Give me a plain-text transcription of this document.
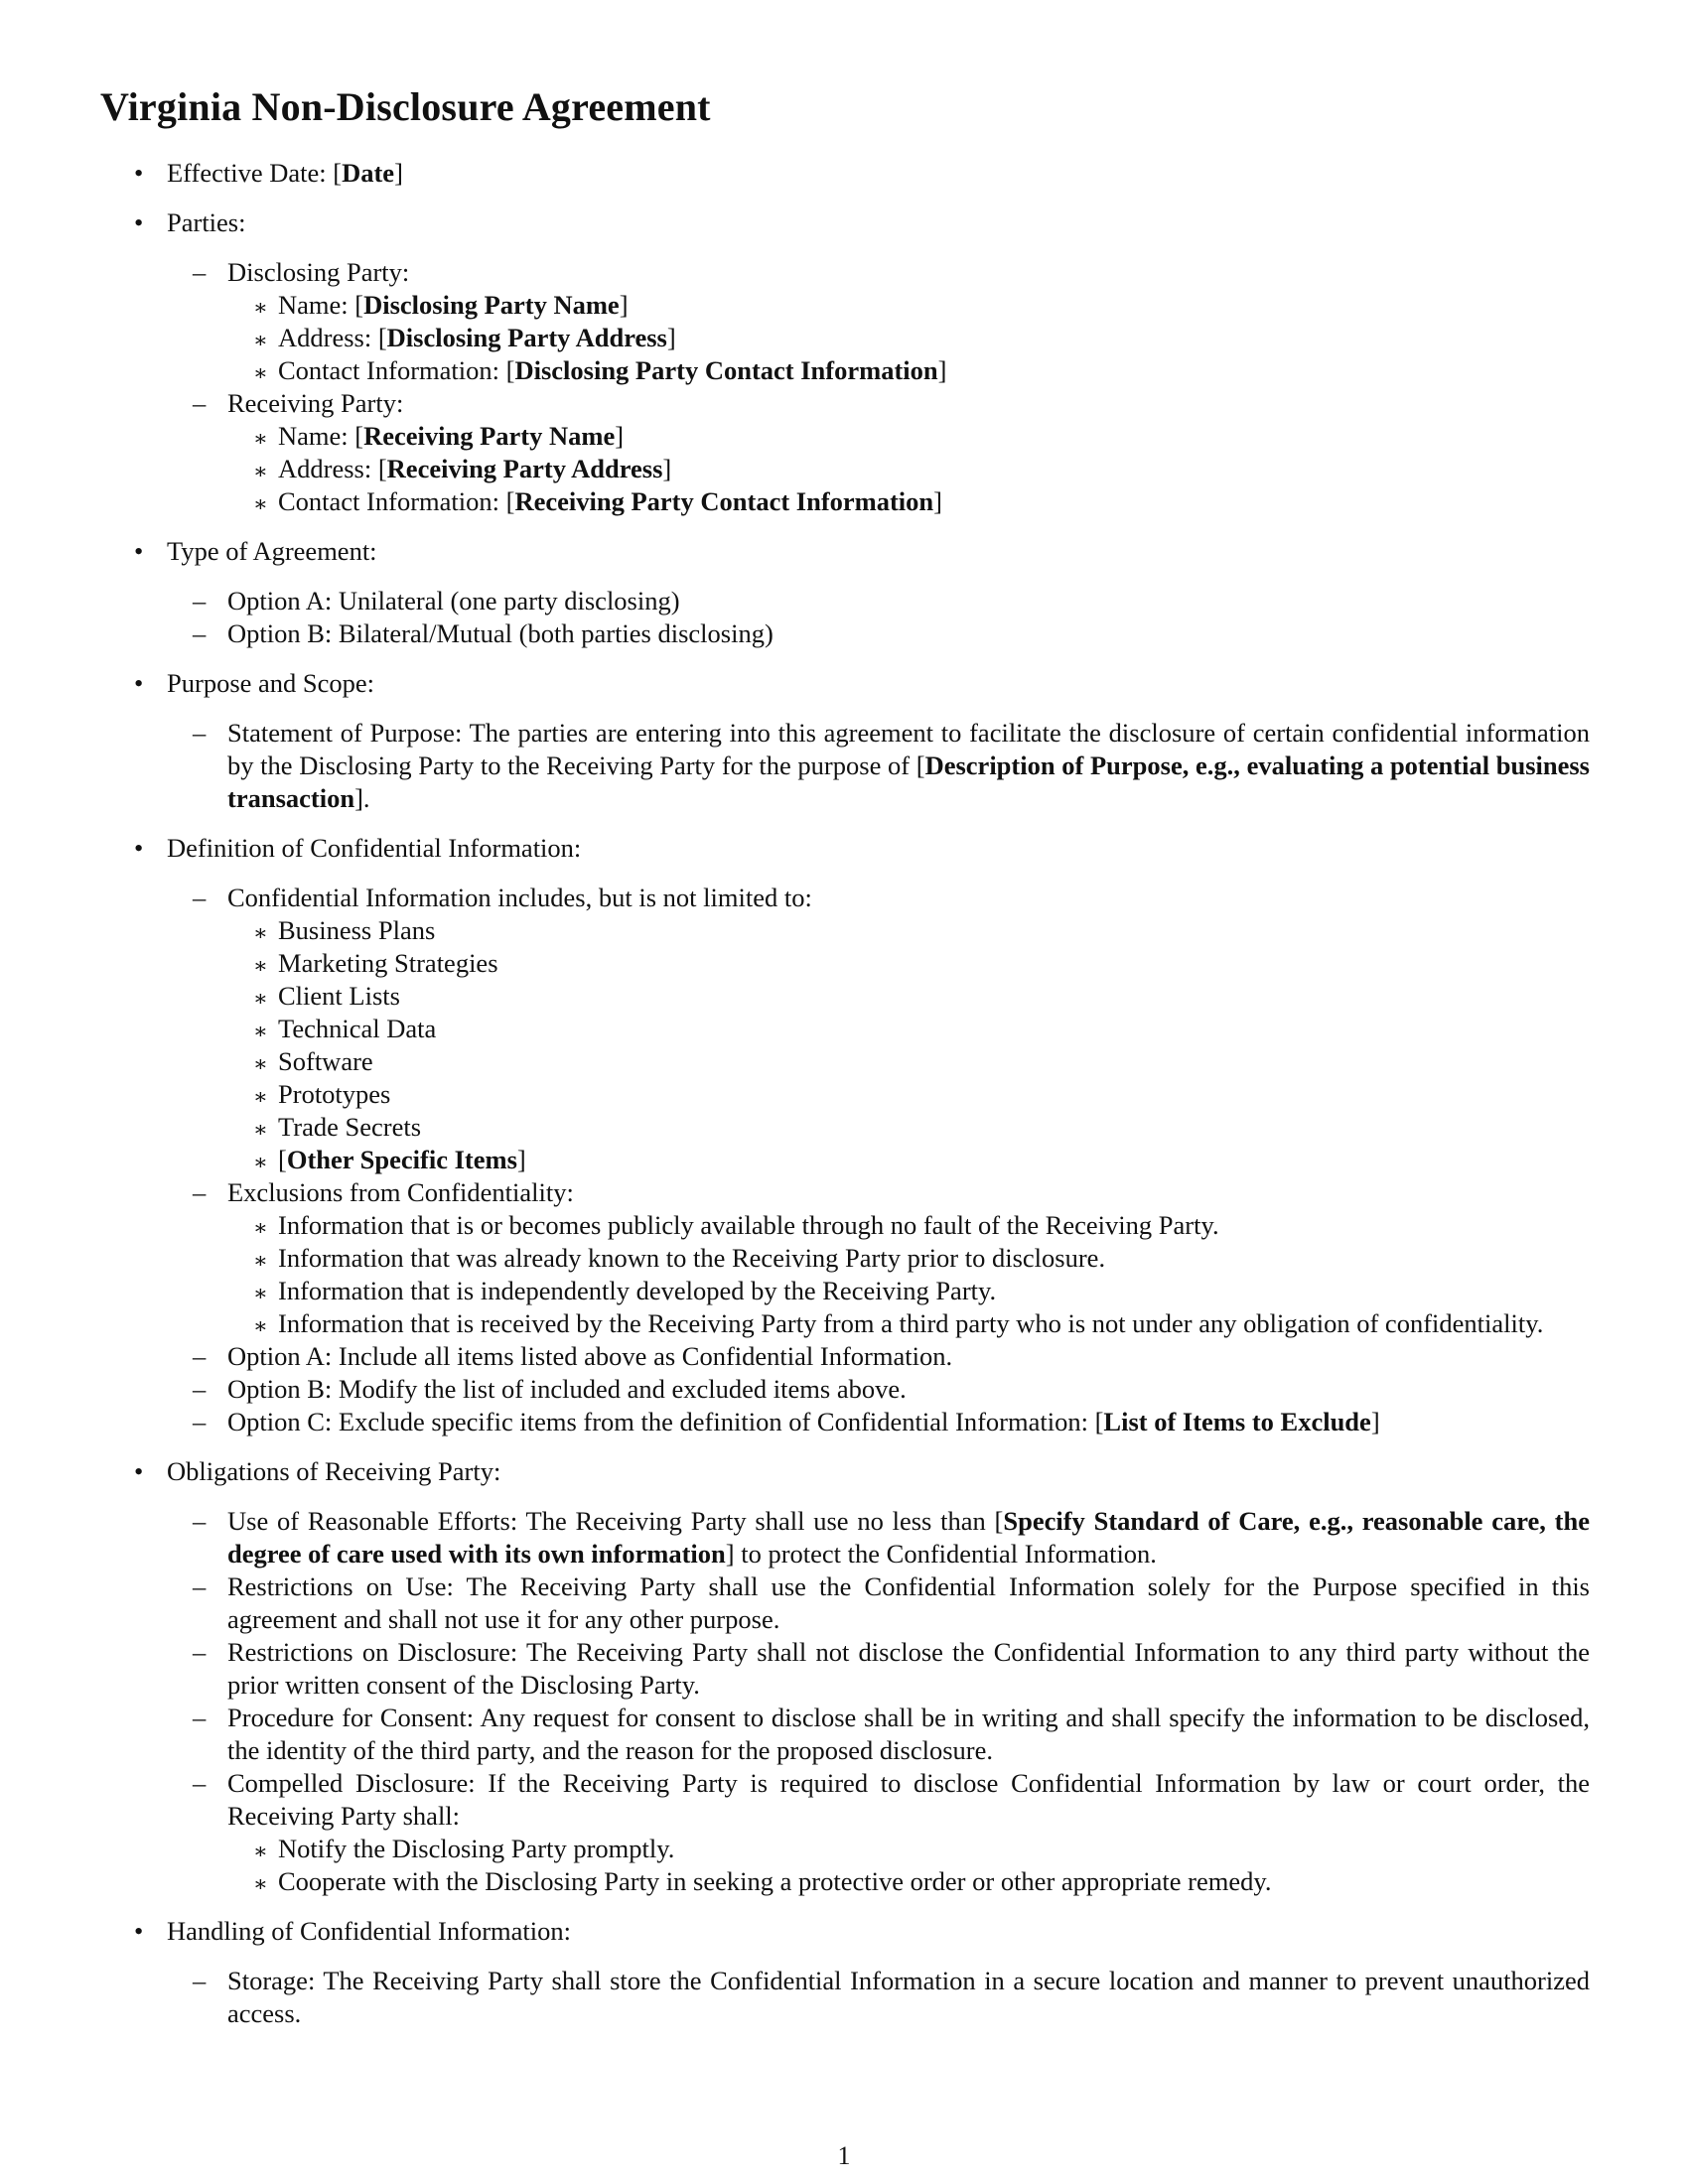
Virginia Non-Disclosure Agreement
• Effective Date: [Date]
• Parties:
– Disclosing Party:
∗ Name: [Disclosing Party Name]
∗ Address: [Disclosing Party Address]
∗ Contact Information: [Disclosing Party Contact Information]
– Receiving Party:
∗ Name: [Receiving Party Name]
∗ Address: [Receiving Party Address]
∗ Contact Information: [Receiving Party Contact Information]
• Type of Agreement:
– Option A: Unilateral (one party disclosing)
– Option B: Bilateral/Mutual (both parties disclosing)
• Purpose and Scope:
– Statement of Purpose: The parties are entering into this agreement to facilitate the disclosure of certain confidential information by the Disclosing Party to the Receiving Party for the purpose of [Description of Purpose, e.g., evaluating a potential business transaction].
• Definition of Confidential Information:
– Confidential Information includes, but is not limited to:
∗ Business Plans
∗ Marketing Strategies
∗ Client Lists
∗ Technical Data
∗ Software
∗ Prototypes
∗ Trade Secrets
∗ [Other Specific Items]
– Exclusions from Confidentiality:
∗ Information that is or becomes publicly available through no fault of the Receiving Party.
∗ Information that was already known to the Receiving Party prior to disclosure.
∗ Information that is independently developed by the Receiving Party.
∗ Information that is received by the Receiving Party from a third party who is not under any obligation of confidentiality.
– Option A: Include all items listed above as Confidential Information.
– Option B: Modify the list of included and excluded items above.
– Option C: Exclude specific items from the definition of Confidential Information: [List of Items to Exclude]
• Obligations of Receiving Party:
– Use of Reasonable Efforts: The Receiving Party shall use no less than [Specify Standard of Care, e.g., reasonable care, the degree of care used with its own information] to protect the Confidential Information.
– Restrictions on Use: The Receiving Party shall use the Confidential Information solely for the Purpose specified in this agreement and shall not use it for any other purpose.
– Restrictions on Disclosure: The Receiving Party shall not disclose the Confidential Information to any third party without the prior written consent of the Disclosing Party.
– Procedure for Consent: Any request for consent to disclose shall be in writing and shall specify the information to be disclosed, the identity of the third party, and the reason for the proposed disclosure.
– Compelled Disclosure: If the Receiving Party is required to disclose Confidential Information by law or court order, the Receiving Party shall:
∗ Notify the Disclosing Party promptly.
∗ Cooperate with the Disclosing Party in seeking a protective order or other appropriate remedy.
• Handling of Confidential Information:
– Storage: The Receiving Party shall store the Confidential Information in a secure location and manner to prevent unauthorized access.
1
